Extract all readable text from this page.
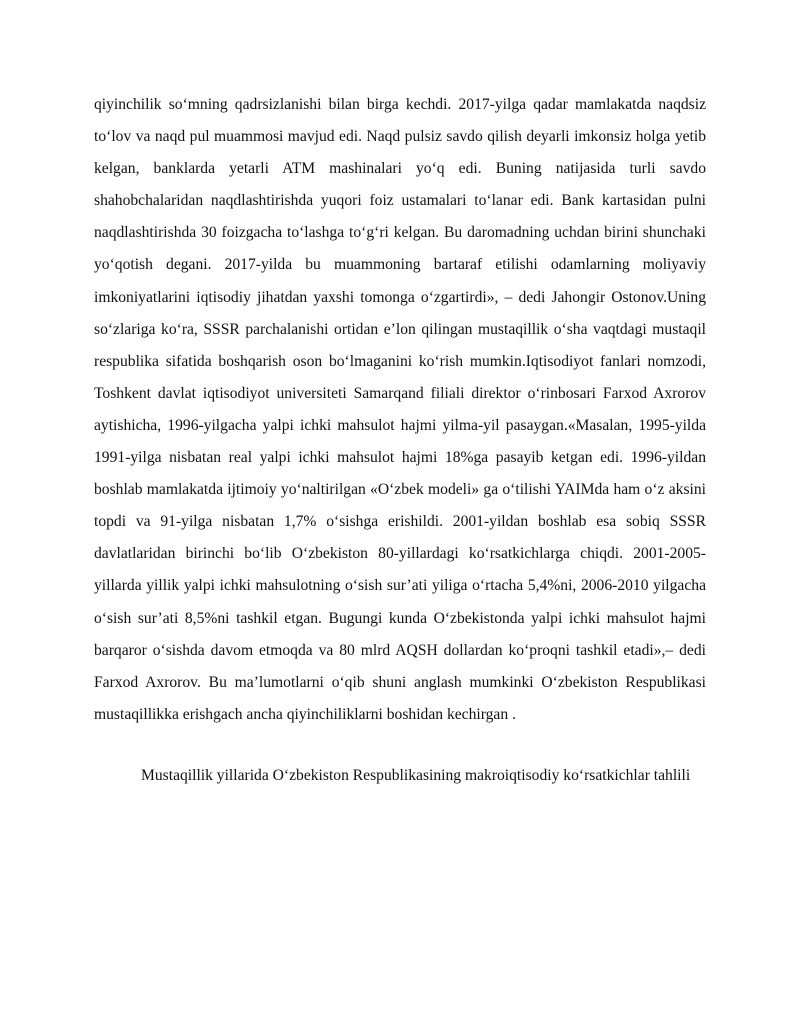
qiyinchilik so‘mning qadrsizlanishi bilan birga kechdi. 2017-yilga qadar mamlakatda naqdsiz to‘lov va naqd pul muammosi mavjud edi. Naqd pulsiz savdo qilish deyarli imkonsiz holga yetib kelgan, banklarda yetarli ATM mashinalari yo‘q edi. Buning natijasida turli savdo shahobchalaridan naqdlashtirishda yuqori foiz ustamalari to‘lanar edi. Bank kartasidan pulni naqdlashtirishda 30 foizgacha to‘lashga to‘g‘ri kelgan. Bu daromadning uchdan birini shunchaki yo‘qotish degani. 2017-yilda bu muammoning bartaraf etilishi odamlarning moliyaviy imkoniyatlarini iqtisodiy jihatdan yaxshi tomonga o‘zgartirdi», – dedi Jahongir Ostonov.Uning so‘zlariga ko‘ra, SSSR parchalanishi ortidan e’lon qilingan mustaqillik o‘sha vaqtdagi mustaqil respublika sifatida boshqarish oson bo‘lmaganini ko‘rish mumkin.Iqtisodiyot fanlari nomzodi, Toshkent davlat iqtisodiyot universiteti Samarqand filiali direktor o‘rinbosari Farxod Axrorov aytishicha, 1996-yilgacha yalpi ichki mahsulot hajmi yilma-yil pasaygan.«Masalan, 1995-yilda 1991-yilga nisbatan real yalpi ichki mahsulot hajmi 18%ga pasayib ketgan edi. 1996-yildan boshlab mamlakatda ijtimoiy yo‘naltirilgan «O‘zbek modeli» ga o‘tilishi YAIMda ham o‘z aksini topdi va 91-yilga nisbatan 1,7% o‘sishga erishildi. 2001-yildan boshlab esa sobiq SSSR davlatlaridan birinchi bo‘lib O‘zbekiston 80-yillardagi ko‘rsatkichlarga chiqdi. 2001-2005- yillarda yillik yalpi ichki mahsulotning o‘sish sur’ati yiliga o‘rtacha 5,4%ni, 2006-2010 yilgacha o‘sish sur’ati 8,5%ni tashkil etgan. Bugungi kunda O‘zbekistonda yalpi ichki mahsulot hajmi barqaror o‘sishda davom etmoqda va 80 mlrd AQSH dollardan ko‘proqni tashkil etadi»,– dedi Farxod Axrorov. Bu ma’lumotlarni o‘qib shuni anglash mumkinki O‘zbekiston Respublikasi mustaqillikka erishgach ancha qiyinchiliklarni boshidan kechirgan .

Mustaqillik yillarida O‘zbekiston Respublikasining makroiqtisodiy ko‘rsatkichlar tahlili
